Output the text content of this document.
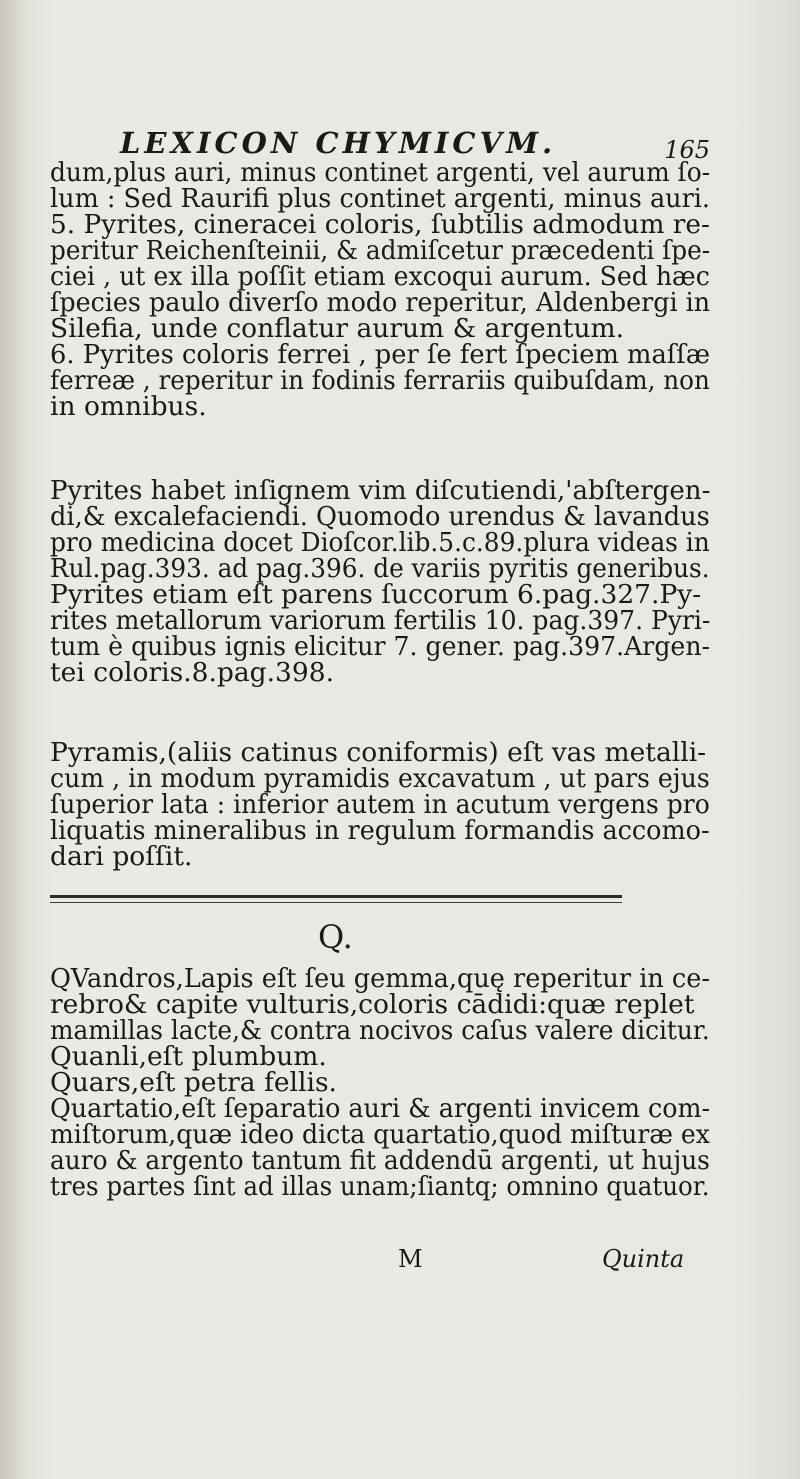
LEXICON CHYMICVM.	165

dum,plus auri, minus continet argenti, vel aurum ſo-

lum : Sed Raurifi plus continet argenti, minus auri.

5. Pyrites, cineracei coloris, ſubtilis admodum re-

peritur Reichenſteinii, & admiſcetur præcedenti ſpe-

ciei , ut ex illa poſſit etiam excoqui aurum. Sed hæc

ſpecies paulo diverſo modo reperitur, Aldenbergi in

Silefia, unde conflatur aurum & argentum.

6. Pyrites coloris ferrei , per ſe fert ſpeciem maſſæ

ferreæ , reperitur in fodinis ferrariis quibuſdam, non

in omnibus.

Pyrites habet inſignem vim diſcutiendi,'abſtergen-

di,& excalefaciendi. Quomodo urendus & lavandus

pro medicina docet Dioſcor.lib.5.c.89.plura videas in

Rul.pag.393. ad pag.396. de variis pyritis generibus.

Pyrites etiam eſt parens ſuccorum 6.pag.327.Py-

rites metallorum variorum fertilis 10. pag.397. Pyri-

tum è quibus ignis elicitur 7. gener. pag.397.Argen-

tei coloris.8.pag.398.

Pyramis,(aliis catinus coniformis) eſt vas metalli-

cum , in modum pyramidis excavatum , ut pars ejus

ſuperior lata : inferior autem in acutum vergens pro

liquatis mineralibus in regulum formandis accomo-

dari poſſit.

Q.

QVandros,Lapis eſt ſeu gemma,quę reperitur in ce-

rebro& capite vulturis,coloris cādidi:quæ replet

mamillas lacte,& contra nocivos caſus valere dicitur.

Quanli,eſt plumbum.

Quars,eſt petra fellis.

Quartatio,eſt ſeparatio auri & argenti invicem com-

miſtorum,quæ ideo dicta quartatio,quod miſturæ ex

auro & argento tantum fit addendū argenti, ut hujus

tres partes ſint ad illas unam;ſiantq; omnino quatuor.

M	Quinta
